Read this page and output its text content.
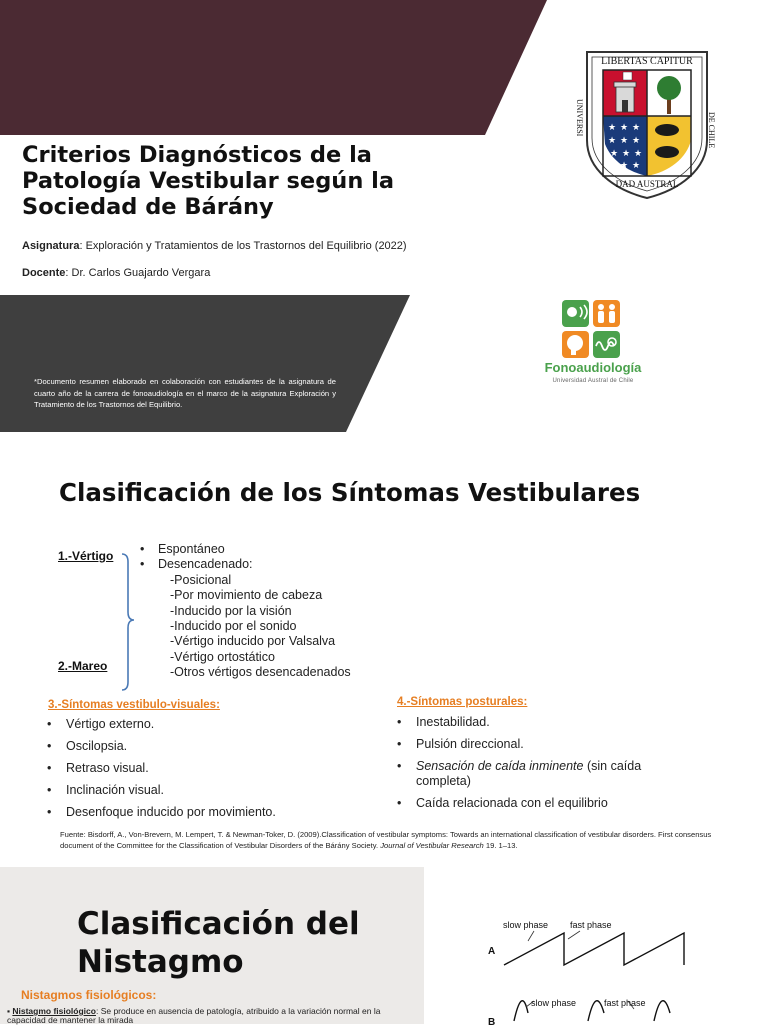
Criterios Diagnósticos de la Patología Vestibular según la Sociedad de Bárány
Asignatura: Exploración y Tratamientos de los Trastornos del Equilibrio (2022)
Docente: Dr. Carlos Guajardo Vergara
*Documento resumen elaborado en colaboración con estudiantes de la asignatura de cuarto año de la carrera de fonoaudiología en el marco de la asignatura Exploración y Tratamiento de los Trastornos del Equilibrio.
LIBERTAS CAPITUR
UNIVERSI	DE CHILE
DAD AUSTRAL
★ ★ ★
★ ★ ★
★ ★ ★
★ ★
Fonoaudiología
Universidad Austral de Chile
Clasificación de los Síntomas Vestibulares
1.-Vértigo
2.-Mareo
• Espontáneo
• Desencadenado:
-Posicional
-Por movimiento de cabeza
-Inducido por la visión
-Inducido por el sonido
-Vértigo inducido por Valsalva
-Vértigo ortostático
-Otros vértigos desencadenados
3.-Síntomas vestibulo-visuales:
• Vértigo externo.
• Oscilopsia.
• Retraso visual.
• Inclinación visual.
• Desenfoque inducido por movimiento.
4.-Síntomas posturales:
• Inestabilidad.
• Pulsión direccional.
• Sensación de caída inminente (sin caída completa)
• Caída relacionada con el equilibrio
Fuente: Bisdorff, A., Von-Brevern, M. Lempert, T. & Newman-Toker, D. (2009).Classification of vestibular symptoms: Towards an international classification of vestibular disorders. First consensus document of the Committee for the Classification of Vestibular Disorders of the Bárány Society. Journal of Vestibular Research 19. 1–13.
Clasificación del Nistagmo
Nistagmos fisiológicos:
▪ Nistagmo fisiológico: Se produce en ausencia de patología, atribuido a la variación normal en la capacidad de mantener la mirada
slow phase fast phase
A
slow phase	fast phase
B
